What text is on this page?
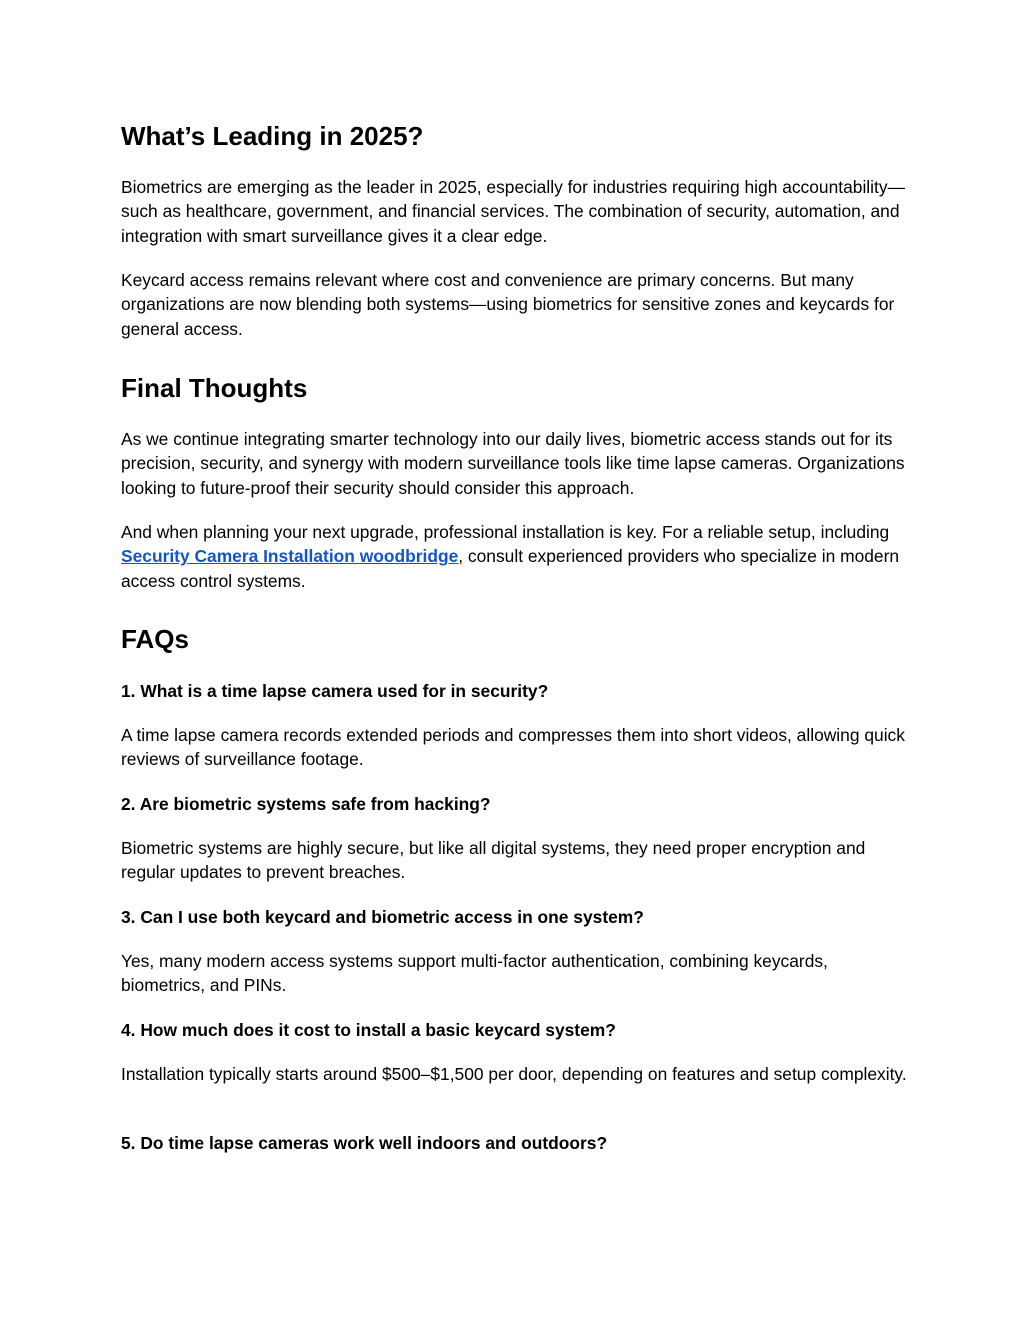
What’s Leading in 2025?

Biometrics are emerging as the leader in 2025, especially for industries requiring high accountability—such as healthcare, government, and financial services. The combination of security, automation, and integration with smart surveillance gives it a clear edge.

Keycard access remains relevant where cost and convenience are primary concerns. But many organizations are now blending both systems—using biometrics for sensitive zones and keycards for general access.

Final Thoughts

As we continue integrating smarter technology into our daily lives, biometric access stands out for its precision, security, and synergy with modern surveillance tools like time lapse cameras. Organizations looking to future-proof their security should consider this approach.

And when planning your next upgrade, professional installation is key. For a reliable setup, including Security Camera Installation woodbridge, consult experienced providers who specialize in modern access control systems.

FAQs

1. What is a time lapse camera used for in security?

A time lapse camera records extended periods and compresses them into short videos, allowing quick reviews of surveillance footage.

2. Are biometric systems safe from hacking?

Biometric systems are highly secure, but like all digital systems, they need proper encryption and regular updates to prevent breaches.

3. Can I use both keycard and biometric access in one system?

Yes, many modern access systems support multi-factor authentication, combining keycards, biometrics, and PINs.

4. How much does it cost to install a basic keycard system?

Installation typically starts around $500–$1,500 per door, depending on features and setup complexity.

5. Do time lapse cameras work well indoors and outdoors?
